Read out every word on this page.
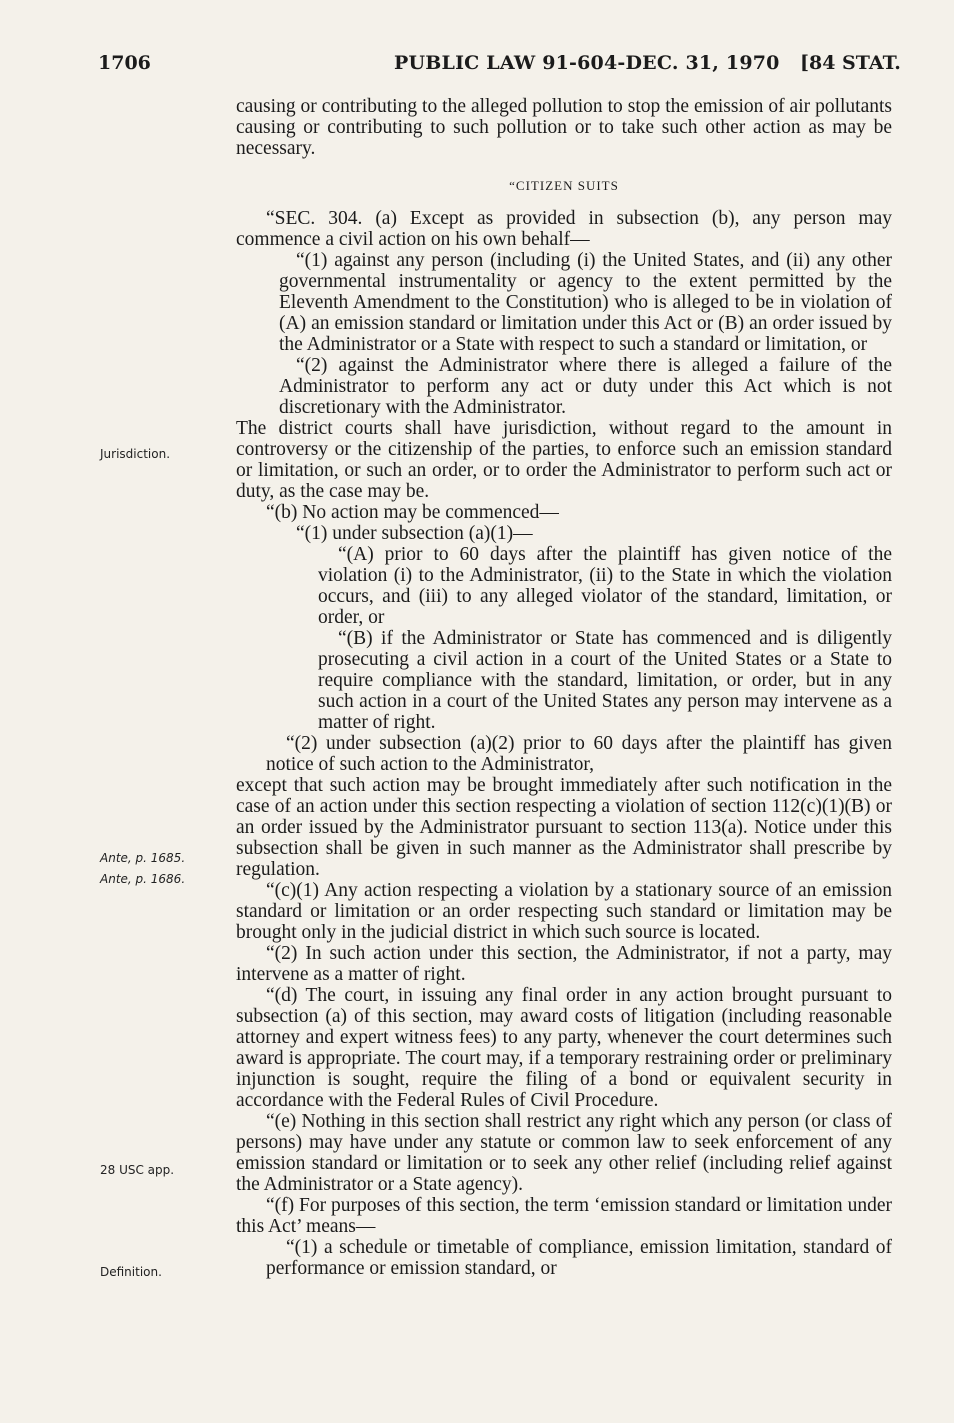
1706	PUBLIC LAW 91-604-DEC. 31, 1970 [84 STAT.
Jurisdiction.
Ante, p. 1685.
Ante, p. 1686.
28 USC app.
Definition.

causing or contributing to the alleged pollution to stop the emission of air pollutants causing or contributing to such pollution or to take such other action as may be necessary.

“CITIZEN SUITS

“SEC. 304. (a) Except as provided in subsection (b), any person may commence a civil action on his own behalf—

“(1) against any person (including (i) the United States, and (ii) any other governmental instrumentality or agency to the extent permitted by the Eleventh Amendment to the Constitution) who is alleged to be in violation of (A) an emission standard or limitation under this Act or (B) an order issued by the Administrator or a State with respect to such a standard or limitation, or

“(2) against the Administrator where there is alleged a failure of the Administrator to perform any act or duty under this Act which is not discretionary with the Administrator.

The district courts shall have jurisdiction, without regard to the amount in controversy or the citizenship of the parties, to enforce such an emission standard or limitation, or such an order, or to order the Administrator to perform such act or duty, as the case may be.

“(b) No action may be commenced—

“(1) under subsection (a)(1)—

“(A) prior to 60 days after the plaintiff has given notice of the violation (i) to the Administrator, (ii) to the State in which the violation occurs, and (iii) to any alleged violator of the standard, limitation, or order, or

“(B) if the Administrator or State has commenced and is diligently prosecuting a civil action in a court of the United States or a State to require compliance with the standard, limitation, or order, but in any such action in a court of the United States any person may intervene as a matter of right.

“(2) under subsection (a)(2) prior to 60 days after the plaintiff has given notice of such action to the Administrator,

except that such action may be brought immediately after such notification in the case of an action under this section respecting a violation of section 112(c)(1)(B) or an order issued by the Administrator pursuant to section 113(a). Notice under this subsection shall be given in such manner as the Administrator shall prescribe by regulation.

“(c)(1) Any action respecting a violation by a stationary source of an emission standard or limitation or an order respecting such standard or limitation may be brought only in the judicial district in which such source is located.

“(2) In such action under this section, the Administrator, if not a party, may intervene as a matter of right.

“(d) The court, in issuing any final order in any action brought pursuant to subsection (a) of this section, may award costs of litigation (including reasonable attorney and expert witness fees) to any party, whenever the court determines such award is appropriate. The court may, if a temporary restraining order or preliminary injunction is sought, require the filing of a bond or equivalent security in accordance with the Federal Rules of Civil Procedure.

“(e) Nothing in this section shall restrict any right which any person (or class of persons) may have under any statute or common law to seek enforcement of any emission standard or limitation or to seek any other relief (including relief against the Administrator or a State agency).

“(f) For purposes of this section, the term ‘emission standard or limitation under this Act’ means—

“(1) a schedule or timetable of compliance, emission limitation, standard of performance or emission standard, or
